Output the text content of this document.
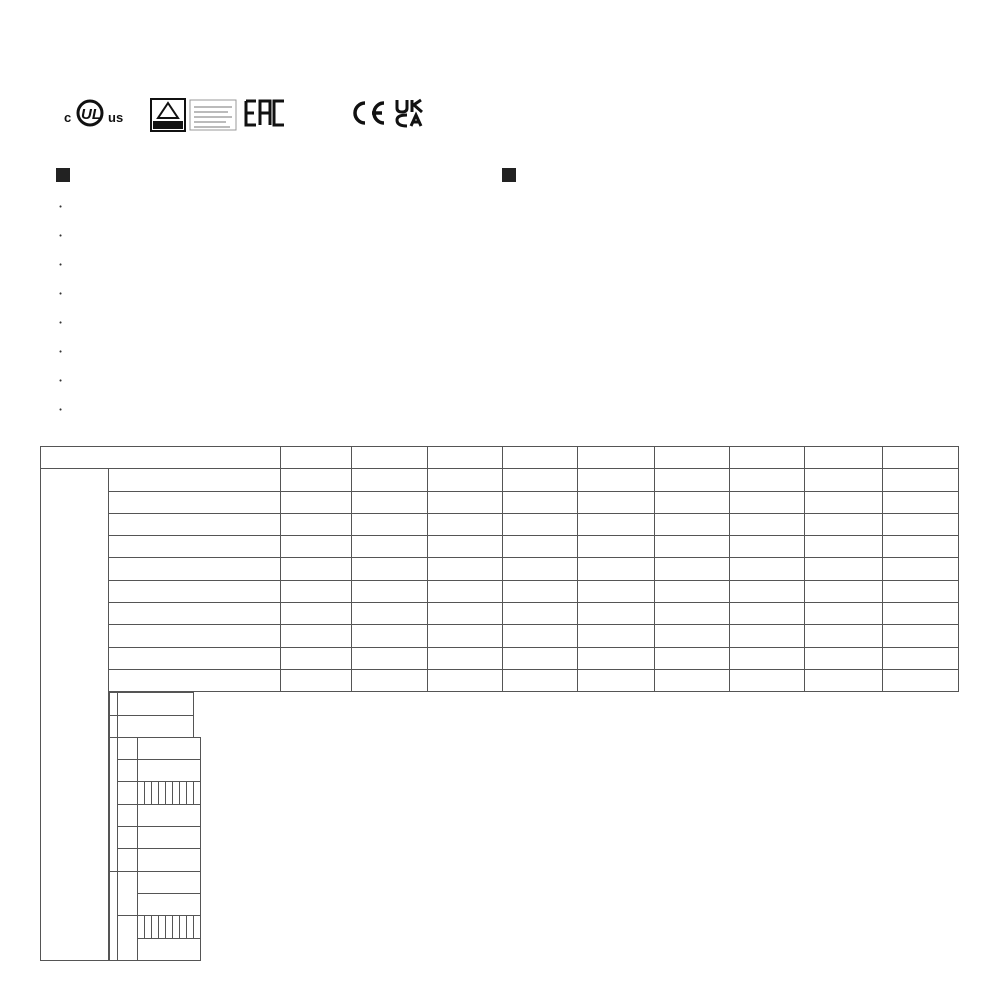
c UL us
·
·
·
·
·
·
·
·
